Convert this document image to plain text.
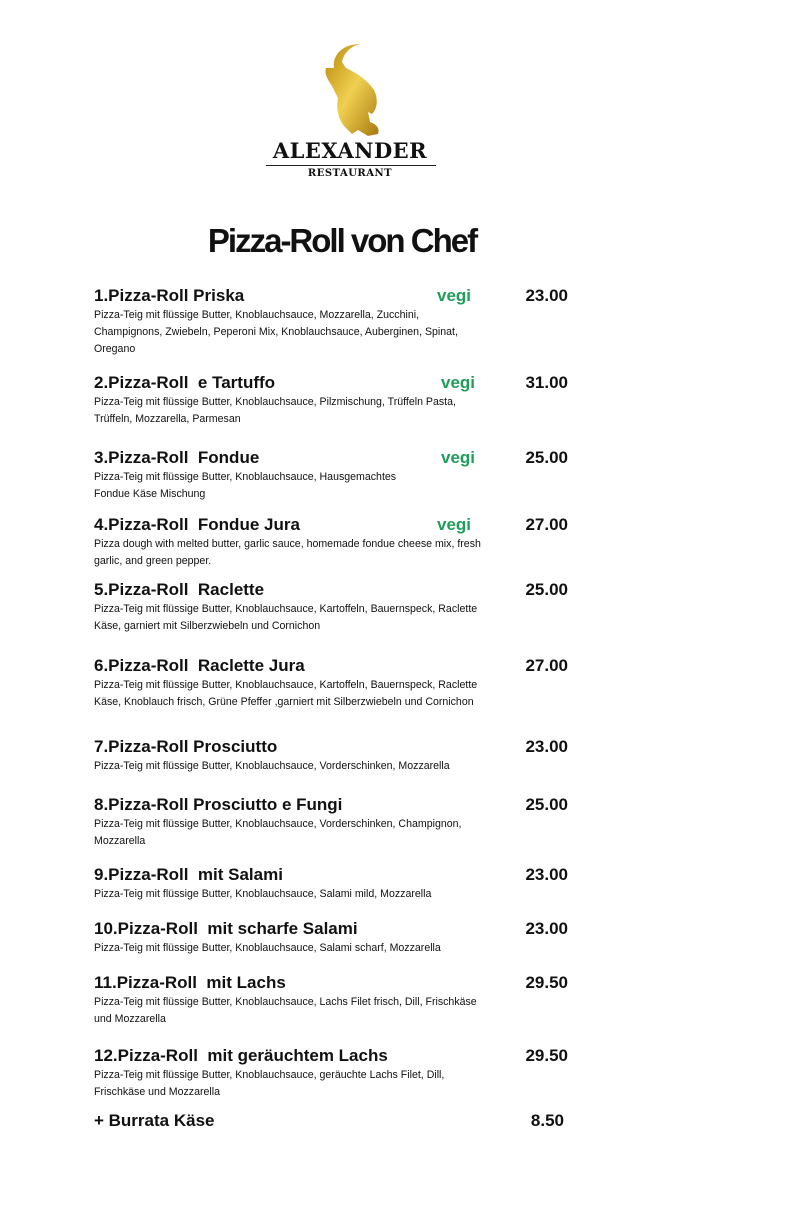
ALEXANDER
RESTAURANT
Pizza-Roll von Chef
1.Pizza-Roll Priska	vegi	23.00
Pizza-Teig mit flüssige Butter, Knoblauchsauce, Mozzarella, Zucchini, Champignons, Zwiebeln, Peperoni Mix, Knoblauchsauce, Auberginen, Spinat, Oregano
2.Pizza-Roll  e Tartuffo	vegi	31.00
Pizza-Teig mit flüssige Butter, Knoblauchsauce, Pilzmischung, Trüffeln Pasta, Trüffeln, Mozzarella, Parmesan
3.Pizza-Roll  Fondue	vegi	25.00
Pizza-Teig mit flüssige Butter, Knoblauchsauce, Hausgemachtes Fondue Käse Mischung
4.Pizza-Roll  Fondue Jura	vegi	27.00
Pizza dough with melted butter, garlic sauce, homemade fondue cheese mix, fresh garlic, and green pepper.
5.Pizza-Roll  Raclette	25.00
Pizza-Teig mit flüssige Butter, Knoblauchsauce, Kartoffeln, Bauernspeck, Raclette Käse, garniert mit Silberzwiebeln und Cornichon
6.Pizza-Roll  Raclette Jura	27.00
Pizza-Teig mit flüssige Butter, Knoblauchsauce, Kartoffeln, Bauernspeck, Raclette Käse, Knoblauch frisch, Grüne Pfeffer ,garniert mit Silberzwiebeln und Cornichon
7.Pizza-Roll Prosciutto	23.00
Pizza-Teig mit flüssige Butter, Knoblauchsauce, Vorderschinken, Mozzarella
8.Pizza-Roll Prosciutto e Fungi	25.00
Pizza-Teig mit flüssige Butter, Knoblauchsauce, Vorderschinken, Champignon, Mozzarella
9.Pizza-Roll  mit Salami	23.00
Pizza-Teig mit flüssige Butter, Knoblauchsauce, Salami mild, Mozzarella
10.Pizza-Roll  mit scharfe Salami	23.00
Pizza-Teig mit flüssige Butter, Knoblauchsauce, Salami scharf, Mozzarella
11.Pizza-Roll  mit Lachs	29.50
Pizza-Teig mit flüssige Butter, Knoblauchsauce, Lachs Filet frisch, Dill, Frischkäse und Mozzarella
12.Pizza-Roll  mit geräuchtem Lachs	29.50
Pizza-Teig mit flüssige Butter, Knoblauchsauce, geräuchte Lachs Filet, Dill, Frischkäse und Mozzarella
+ Burrata Käse	8.50
